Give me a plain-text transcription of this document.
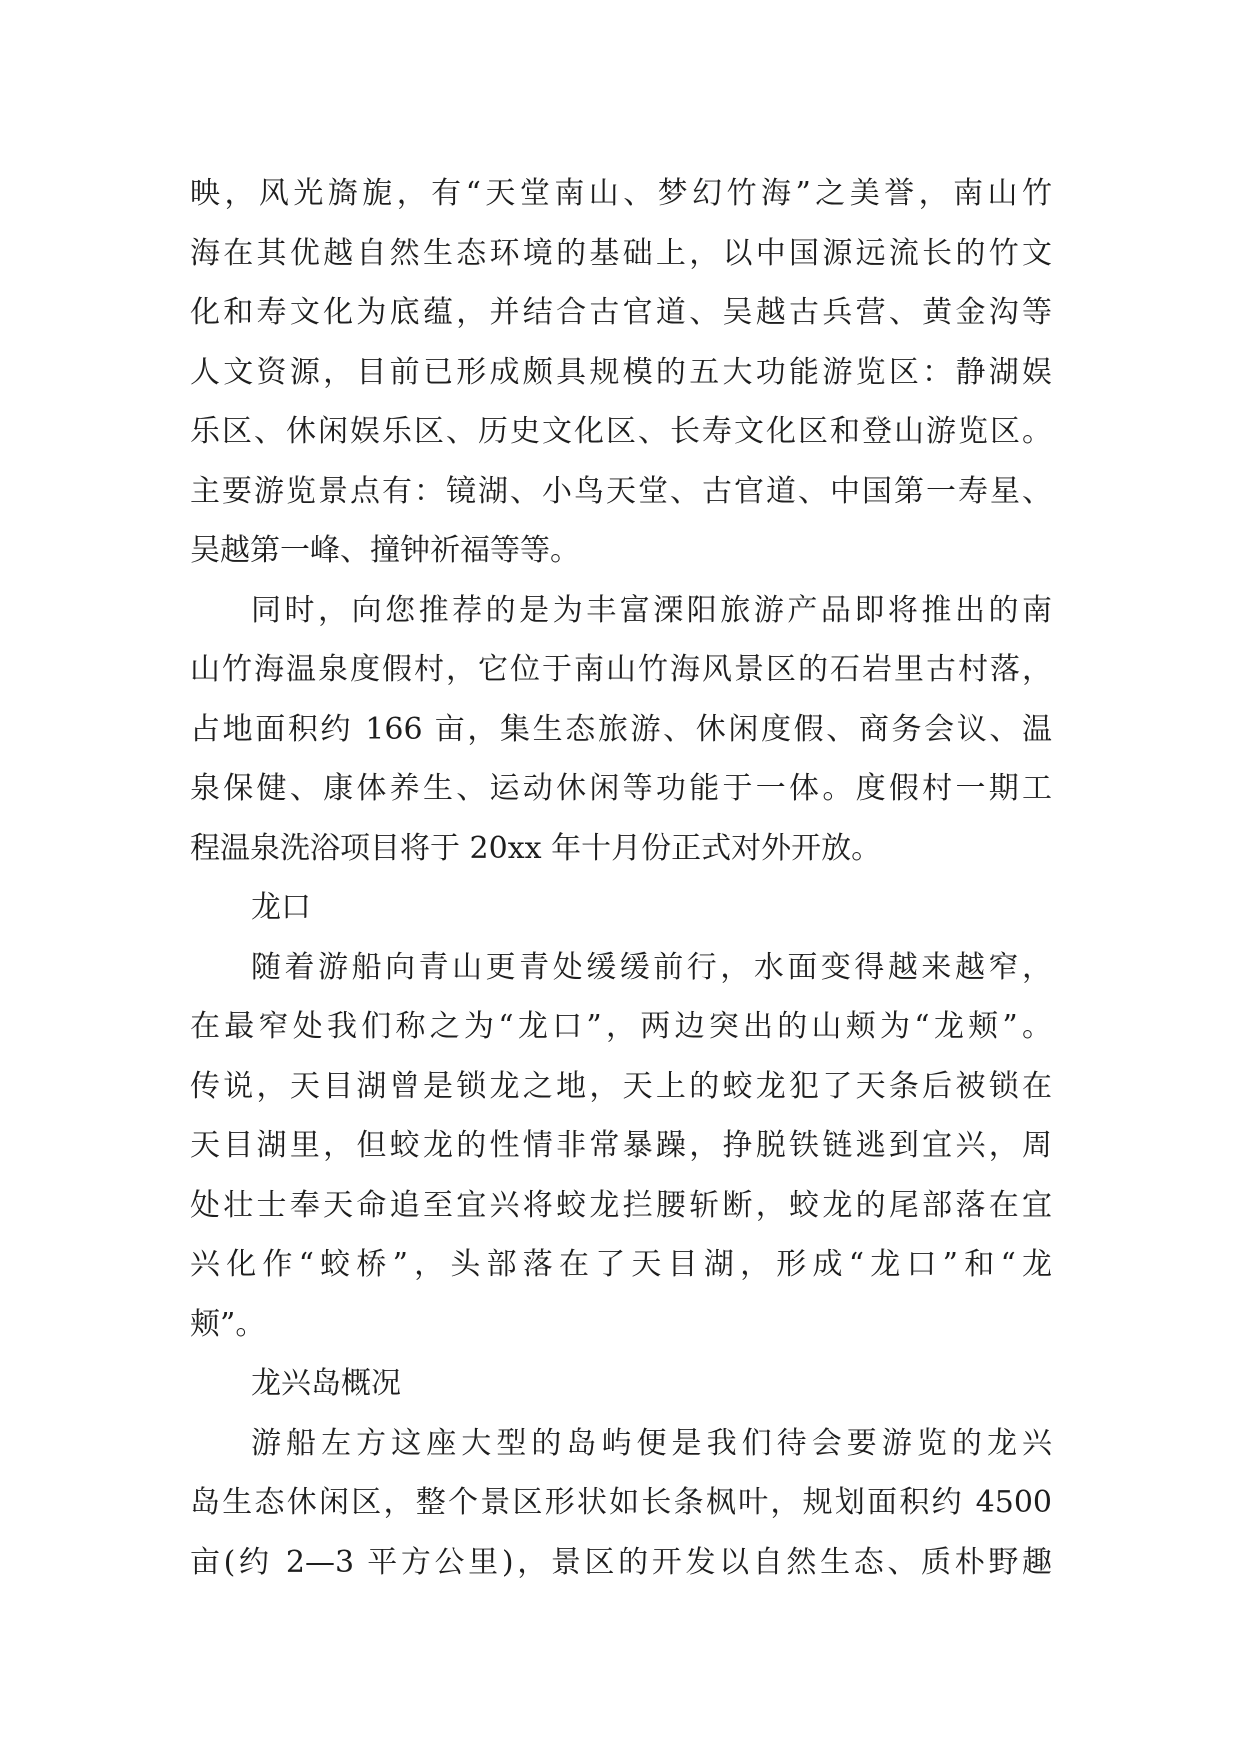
映，风光旖旎，有“天堂南山、梦幻竹海”之美誉，南山竹
海在其优越自然生态环境的基础上，以中国源远流长的竹文
化和寿文化为底蕴，并结合古官道、吴越古兵营、黄金沟等
人文资源，目前已形成颇具规模的五大功能游览区：静湖娱
乐区、休闲娱乐区、历史文化区、长寿文化区和登山游览区。
主要游览景点有：镜湖、小鸟天堂、古官道、中国第一寿星、
吴越第一峰、撞钟祈福等等。
同时，向您推荐的是为丰富溧阳旅游产品即将推出的南
山竹海温泉度假村，它位于南山竹海风景区的石岩里古村落，
占地面积约 166 亩，集生态旅游、休闲度假、商务会议、温
泉保健、康体养生、运动休闲等功能于一体。度假村一期工
程温泉洗浴项目将于 20xx 年十月份正式对外开放。
龙口
随着游船向青山更青处缓缓前行，水面变得越来越窄，
在最窄处我们称之为“龙口”，两边突出的山颊为“龙颊”。
传说，天目湖曾是锁龙之地，天上的蛟龙犯了天条后被锁在
天目湖里，但蛟龙的性情非常暴躁，挣脱铁链逃到宜兴，周
处壮士奉天命追至宜兴将蛟龙拦腰斩断，蛟龙的尾部落在宜
兴化作“蛟桥”，头部落在了天目湖，形成“龙口”和“龙
颊”。
龙兴岛概况
游船左方这座大型的岛屿便是我们待会要游览的龙兴
岛生态休闲区，整个景区形状如长条枫叶，规划面积约 4500
亩(约 2—3 平方公里)，景区的开发以自然生态、质朴野趣
